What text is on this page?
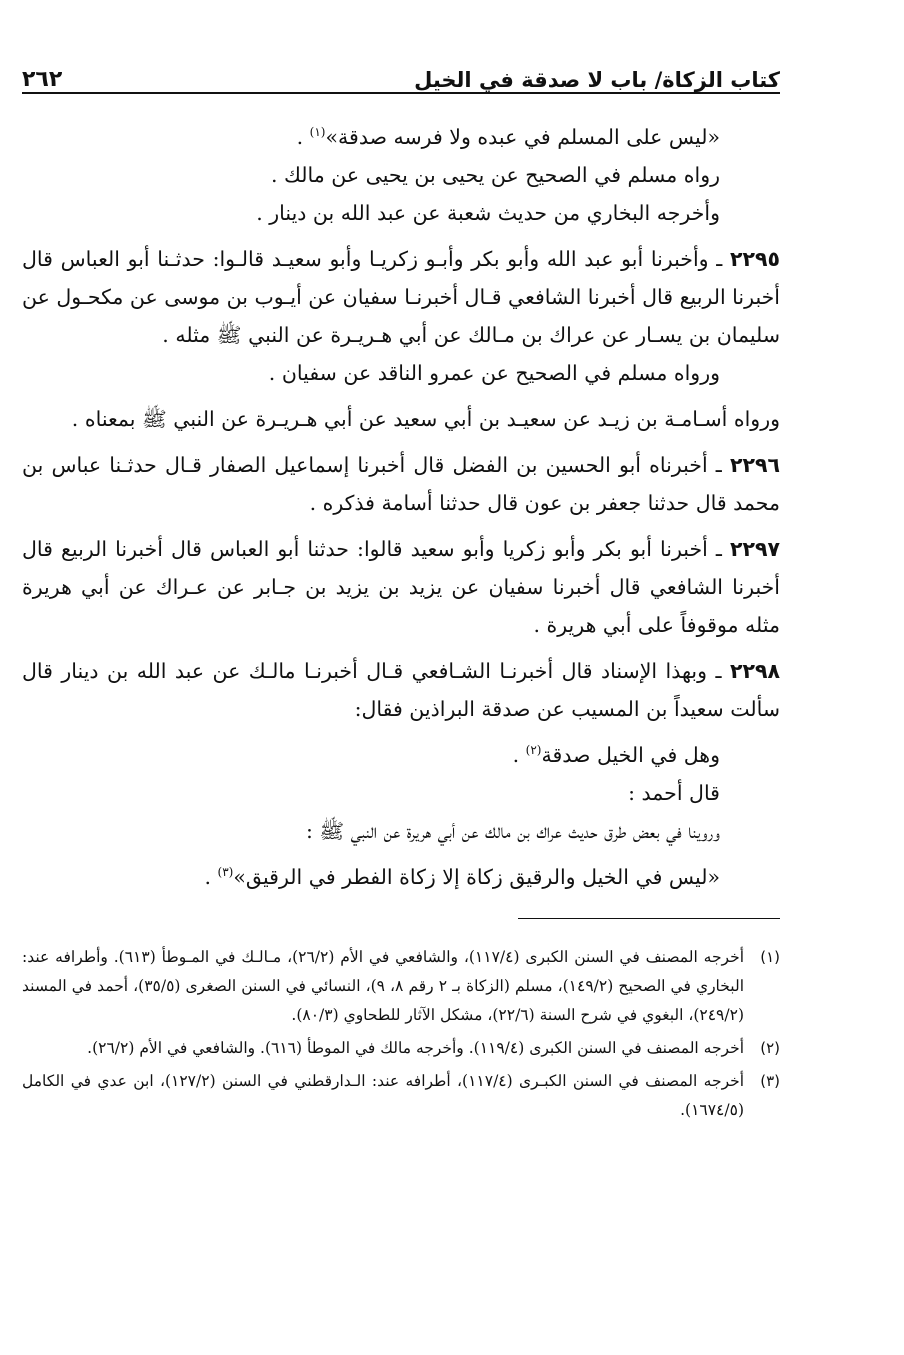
كتاب الزكاة/ باب لا صدقة في الخيل
٢٦٢

«ليس على المسلم في عبده ولا فرسه صدقة»$^{(١)}$ .

رواه مسلم في الصحيح عن يحيى بن يحيى عن مالك .

وأخرجه البخاري من حديث شعبة عن عبد الله بن دينار .

٢٢٩٥ ـ وأخبرنا أبو عبد الله وأبو بكر وأبـو زكريـا وأبو سعيـد قالـوا: حدثـنا أبو العباس قال أخبرنا الربيع قال أخبرنا الشافعي قـال أخبرنـا سفيان عن أيـوب بن موسى عن مكحـول عن سليمان بن يسـار عن عراك بن مـالك عن أبي هـريـرة عن النبي ﷺ مثله .

ورواه مسلم في الصحيح عن عمرو الناقد عن سفيان .

ورواه أسـامـة بن زيـد عن سعيـد بن أبي سعيد عن أبي هـريـرة عن النبي ﷺ بمعناه .

٢٢٩٦ ـ أخبرناه أبو الحسين بن الفضل قال أخبرنا إسماعيل الصفار قـال حدثـنا عباس بن محمد قال حدثنا جعفر بن عون قال حدثنا أسامة فذكره .

٢٢٩٧ ـ أخبرنا أبو بكر وأبو زكريا وأبو سعيد قالوا: حدثنا أبو العباس قال أخبرنا الربيع قال أخبرنا الشافعي قال أخبرنا سفيان عن يزيد بن يزيد بن جـابر عن عـراك عن أبي هريرة مثله موقوفاً على أبي هريرة .

٢٢٩٨ ـ وبهذا الإسناد قال أخبرنـا الشـافعي قـال أخبرنـا مالـك عن عبد الله بن دينار قال سألت سعيداً بن المسيب عن صدقة البراذين فقال:

وهل في الخيل صدقة$^{(٢)}$ .

قال أحمد :

وروينا في بعض طرق حديث عراك بن مالك عن أبي هريرة عن النبي ﷺ :

«ليس في الخيل والرقيق زكاة إلا زكاة الفطر في الرقيق»$^{(٣)}$ .

(١)
أخرجه المصنف في السنن الكبرى (١١٧/٤)، والشافعي في الأم (٢٦/٢)، مـالـك في المـوطأ (٦١٣). وأطرافه عند: البخاري في الصحيح (١٤٩/٢)، مسلم (الزكاة بـ ٢ رقم ٨، ٩)، النسائي في السنن الصغرى (٣٥/٥)، أحمد في المسند (٢٤٩/٢)، البغوي في شرح السنة (٢٢/٦)، مشكل الآثار للطحاوي (٨٠/٣).
(٢)
أخرجه المصنف في السنن الكبرى (١١٩/٤). وأخرجه مالك في الموطأ (٦١٦). والشافعي في الأم (٢٦/٢).
(٣)
أخرجه المصنف في السنن الكبـرى (١١٧/٤)، أطرافه عند: الـدارقطني في السنن (١٢٧/٢)، ابن عدي في الكامل (١٦٧٤/٥).
